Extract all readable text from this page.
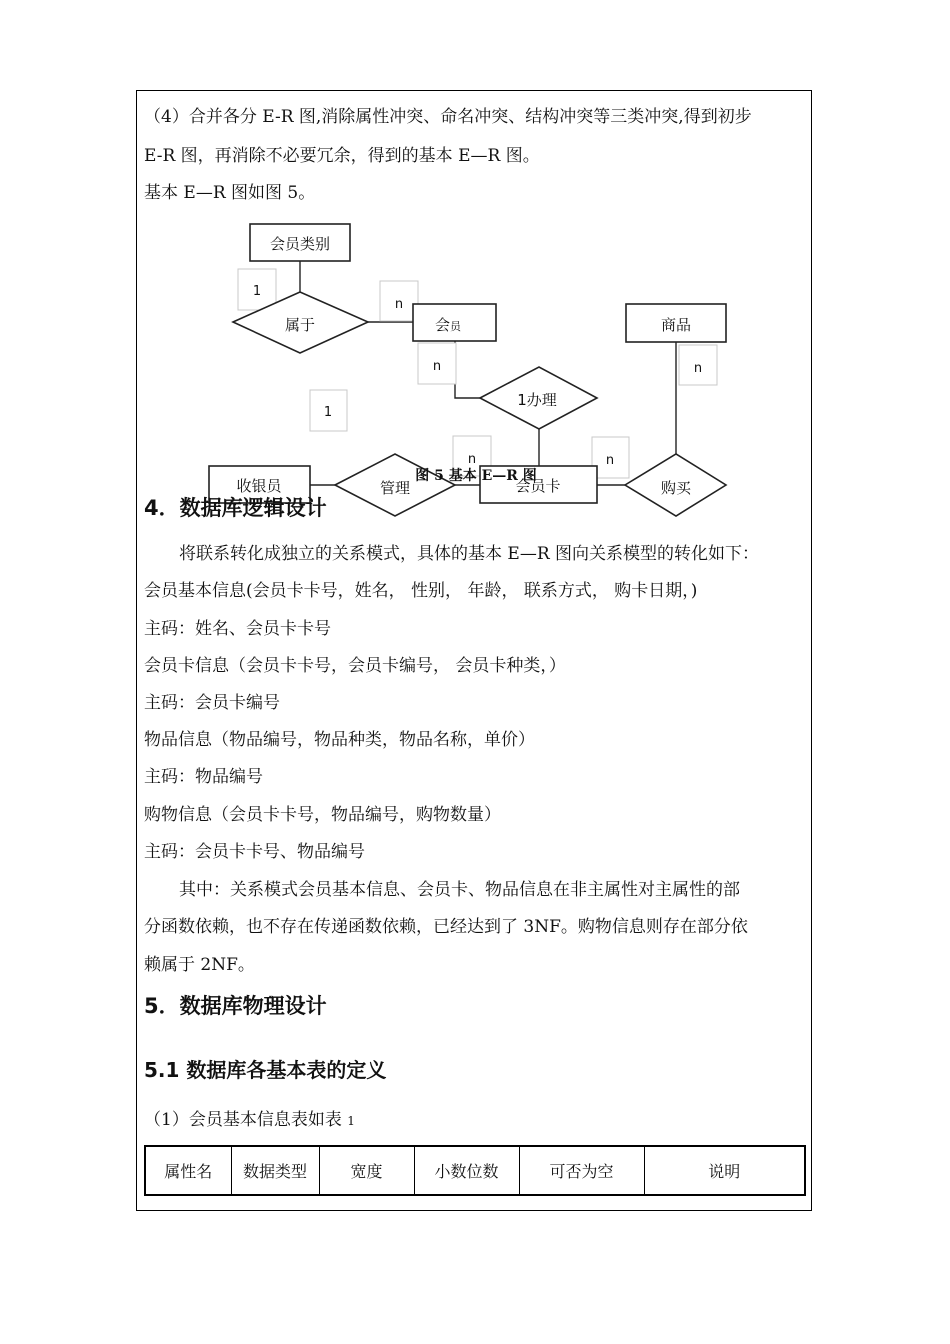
（4）合并各分 E-R 图,消除属性冲突、命名冲突、结构冲突等三类冲突,得到初步
E-R 图，再消除不必要冗余，得到的基本 E—R 图。
基本 E—R 图如图 5。
会员类别
会员	商品
收银员	会员卡
属于
1办理
管理	购买
1
n
n	n
1
n	n
图 5 基本 E—R 图
4．数据库逻辑设计
将联系转化成独立的关系模式，具体的基本 E—R 图向关系模型的转化如下：
会员基本信息(会员卡卡号，姓名， 性别， 年龄， 联系方式， 购卡日期，)
主码：姓名、会员卡卡号
会员卡信息（会员卡卡号，会员卡编号， 会员卡种类，）
主码：会员卡编号
物品信息（物品编号，物品种类，物品名称，单价）
主码：物品编号
购物信息（会员卡卡号，物品编号，购物数量）
主码：会员卡卡号、物品编号
其中：关系模式会员基本信息、会员卡、物品信息在非主属性对主属性的部
分函数依赖，也不存在传递函数依赖，已经达到了 3NF。购物信息则存在部分依
赖属于 2NF。
5．数据库物理设计
5.1 数据库各基本表的定义
（1）会员基本信息表如表 1
属性名	数据类型	宽度	小数位数	可否为空	说明
